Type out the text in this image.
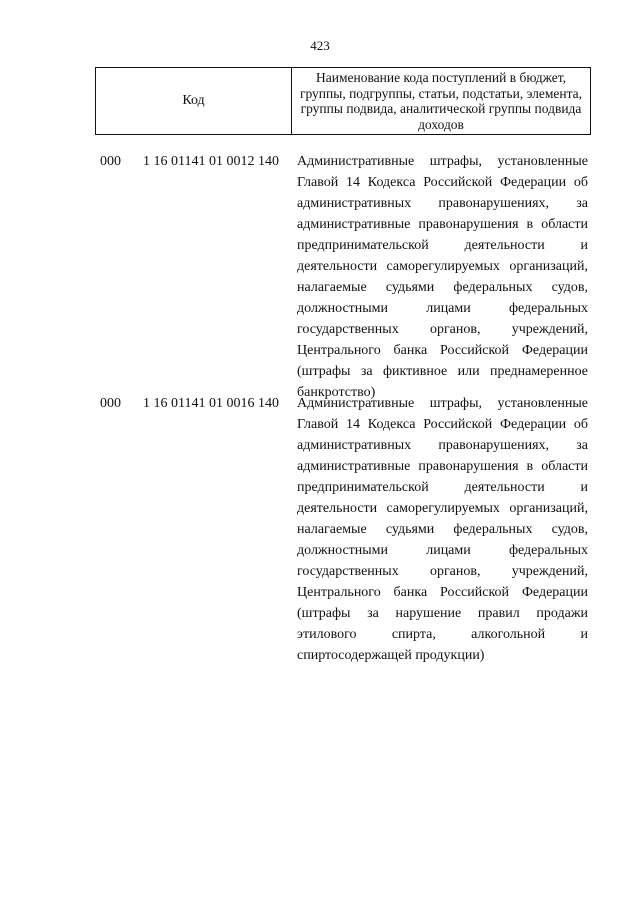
423
Код
Наименование кода поступлений в бюджет, группы, подгруппы, статьи, подстатьи, элемента, группы подвида, аналитической группы подвида доходов
000 1 16 01141 01 0012 140 Административные штрафы, установленные Главой 14 Кодекса Российской Федерации об административных правонарушениях, за административные правонарушения в области предпринимательской деятельности и деятельности саморегулируемых организаций, налагаемые судьями федеральных судов, должностными лицами федеральных государственных органов, учреждений, Центрального банка Российской Федерации (штрафы за фиктивное или преднамеренное банкротство)
000 1 16 01141 01 0016 140 Административные штрафы, установленные Главой 14 Кодекса Российской Федерации об административных правонарушениях, за административные правонарушения в области предпринимательской деятельности и деятельности саморегулируемых организаций, налагаемые судьями федеральных судов, должностными лицами федеральных государственных органов, учреждений, Центрального банка Российской Федерации (штрафы за нарушение правил продажи этилового спирта, алкогольной и спиртосодержащей продукции)
